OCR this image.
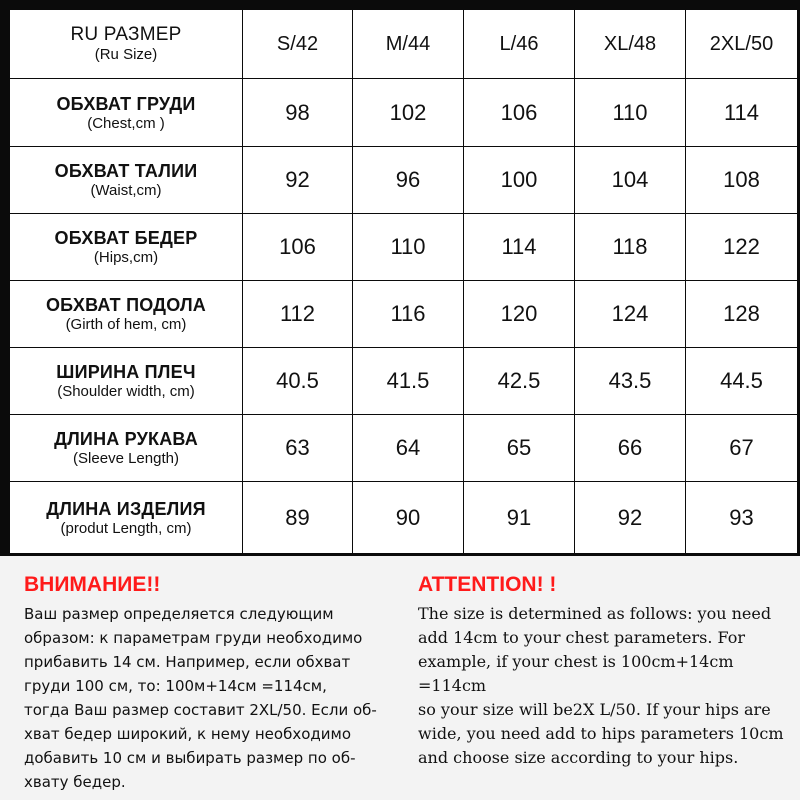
RU РАЗМЕР
(Ru Size)	S/42	M/44	L/46	XL/48	2XL/50
ОБХВАТ ГРУДИ
(Chest,cm )	98	102	106	110	114
ОБХВАТ ТАЛИИ
(Waist,cm)	92	96	100	104	108
ОБХВАТ БЕДЕР
(Hips,cm)	106	110	114	118	122
ОБХВАТ ПОДОЛА
(Girth of hem, cm)	112	116	120	124	128
ШИРИНА ПЛЕЧ
(Shoulder width, cm)	40.5	41.5	42.5	43.5	44.5
ДЛИНА РУКАВА
(Sleeve Length)	63	64	65	66	67
ДЛИНА ИЗДЕЛИЯ
(produt Length, cm)	89	90	91	92	93
ВНИМАНИЕ!!
Ваш размер определяется следующим
образом: к параметрам груди необходимо
прибавить 14 см. Например, если обхват
груди 100 см, то: 100м+14см =114см,
тогда Ваш размер составит 2XL/50. Если об-
хват бедер широкий, к нему необходимо
добавить 10 см и выбирать размер по об-
хвату бедер.
ATTENTION! !
The size is determined as follows: you need
add 14cm to your chest parameters. For
example, if your chest is 100cm+14cm =114cm
so your size will be2X L/50. If your hips are
wide, you need add to hips parameters 10cm
and choose size according to your hips.
